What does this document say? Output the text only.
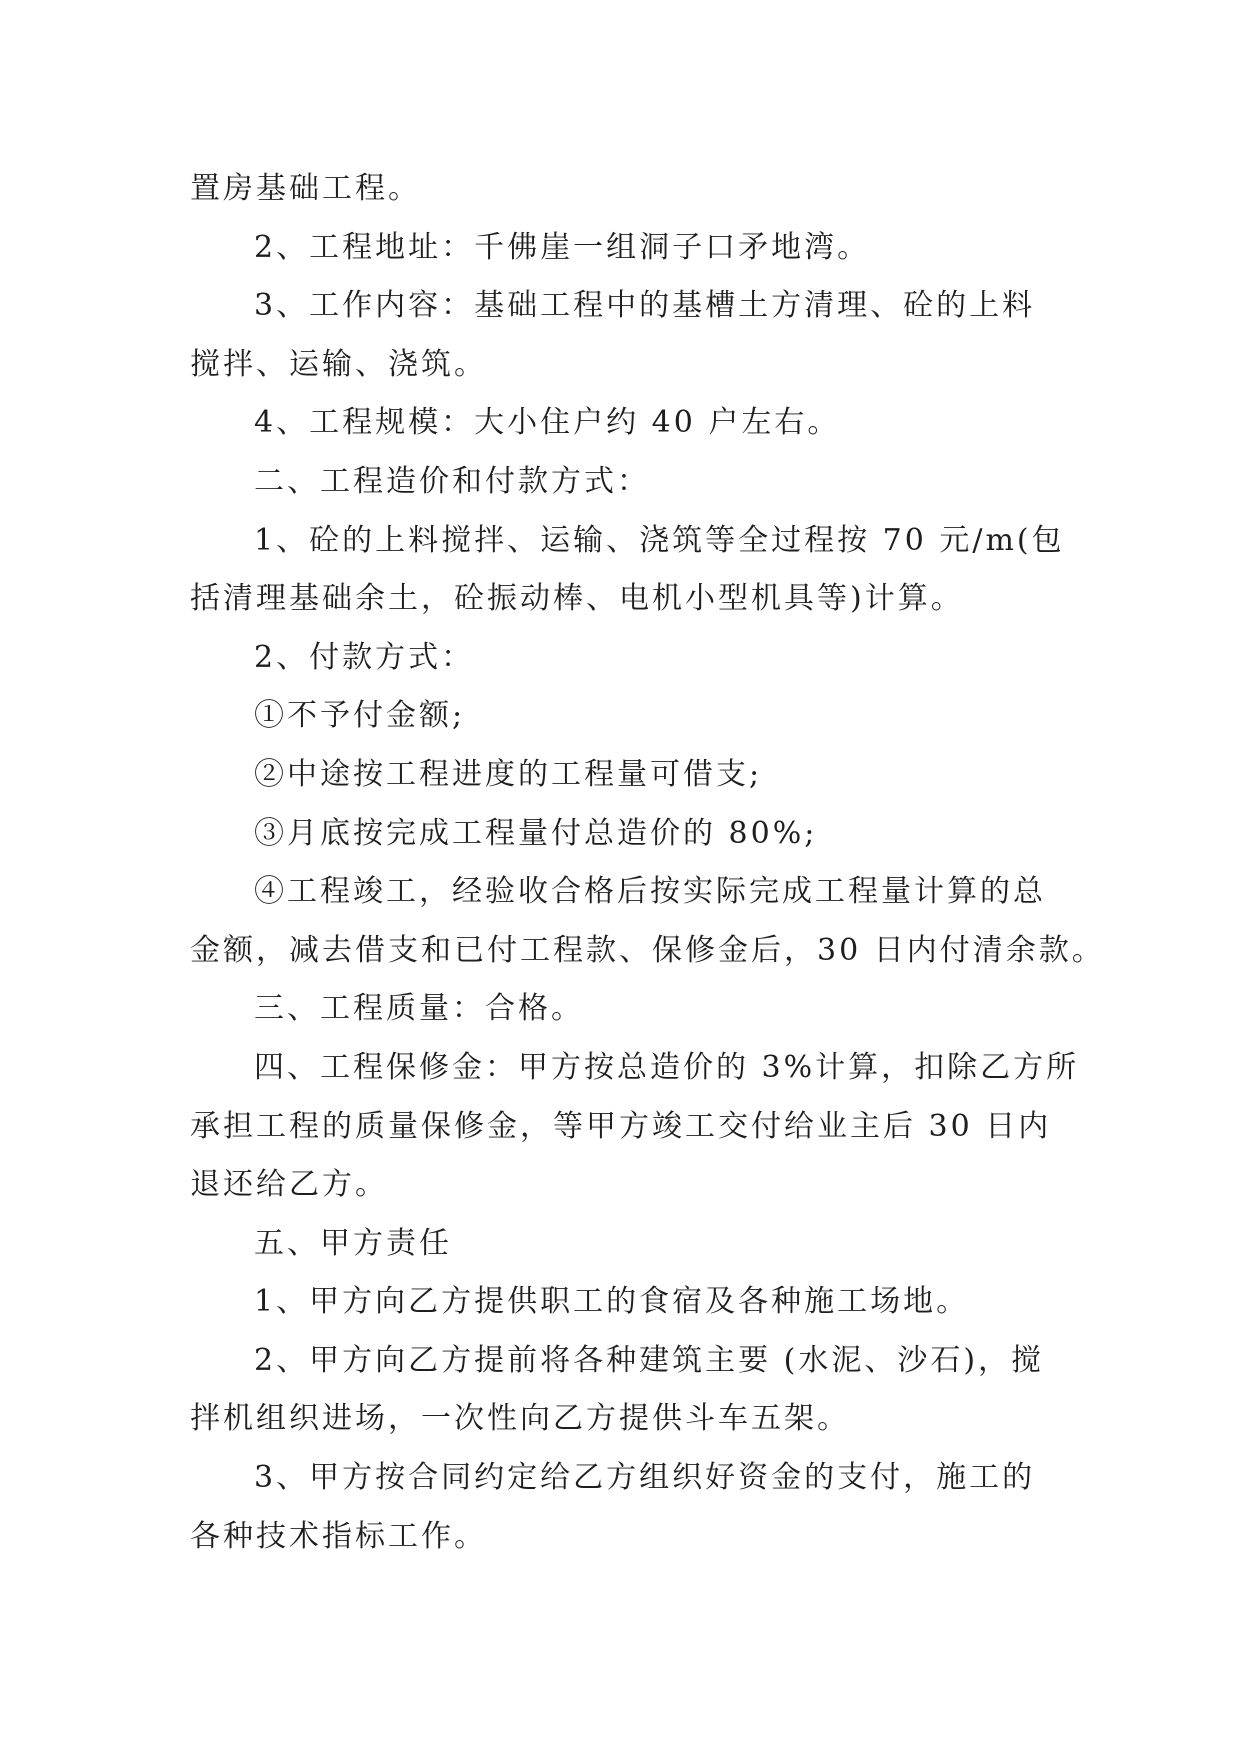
置房基础工程。
2、工程地址：千佛崖一组洞子口矛地湾。
3、工作内容：基础工程中的基槽土方清理、砼的上料
搅拌、运输、浇筑。
4、工程规模：大小住户约 40 户左右。
二、工程造价和付款方式：
1、砼的上料搅拌、运输、浇筑等全过程按 70 元/m(包
括清理基础余土，砼振动棒、电机小型机具等)计算。
2、付款方式：
①不予付金额;
②中途按工程进度的工程量可借支;
③月底按完成工程量付总造价的 80%;
④工程竣工，经验收合格后按实际完成工程量计算的总
金额，减去借支和已付工程款、保修金后，30 日内付清余款。
三、工程质量：合格。
四、工程保修金：甲方按总造价的 3%计算，扣除乙方所
承担工程的质量保修金，等甲方竣工交付给业主后 30 日内
退还给乙方。
五、甲方责任
1、甲方向乙方提供职工的食宿及各种施工场地。
2、甲方向乙方提前将各种建筑主要 (水泥、沙石)，搅
拌机组织进场，一次性向乙方提供斗车五架。
3、甲方按合同约定给乙方组织好资金的支付，施工的
各种技术指标工作。
